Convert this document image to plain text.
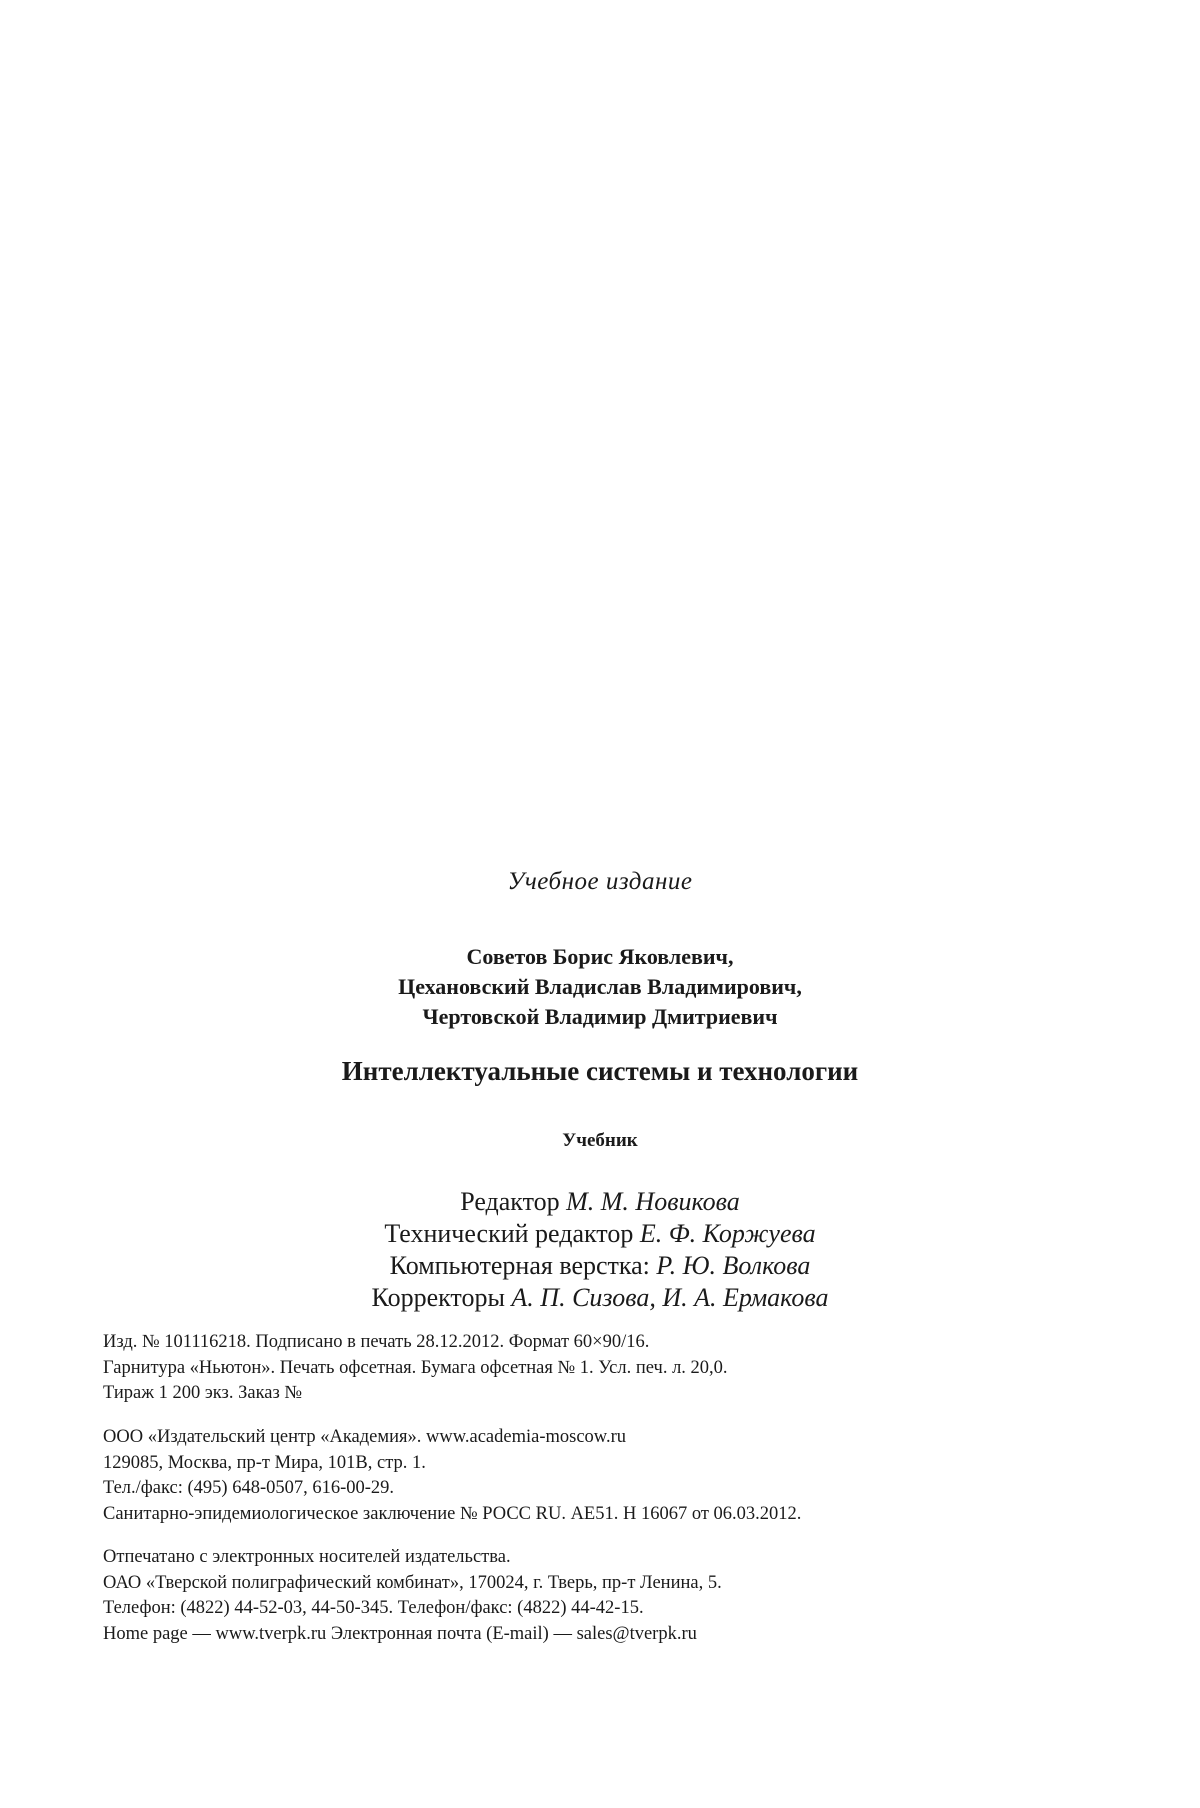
Учебное издание
Советов Борис Яковлевич,
Цехановский Владислав Владимирович,
Чертовской Владимир Дмитриевич
Интеллектуальные системы и технологии
Учебник
Редактор М. М. Новикова
Технический редактор Е. Ф. Коржуева
Компьютерная верстка: Р. Ю. Волкова
Корректоры А. П. Сизова, И. А. Ермакова
Изд. № 101116218. Подписано в печать 28.12.2012. Формат 60×90/16.
Гарнитура «Ньютон». Печать офсетная. Бумага офсетная № 1. Усл. печ. л. 20,0.
Тираж 1 200 экз. Заказ №
ООО «Издательский центр «Академия». www.academia-moscow.ru
129085, Москва, пр-т Мира, 101В, стр. 1.
Тел./факс: (495) 648-0507, 616-00-29.
Санитарно-эпидемиологическое заключение № РОСС RU. АЕ51. Н 16067 от 06.03.2012.
Отпечатано с электронных носителей издательства.
ОАО «Тверской полиграфический комбинат», 170024, г. Тверь, пр-т Ленина, 5.
Телефон: (4822) 44-52-03, 44-50-345. Телефон/факс: (4822) 44-42-15.
Home page — www.tverpk.ru Электронная почта (E-mail) — sales@tverpk.ru
